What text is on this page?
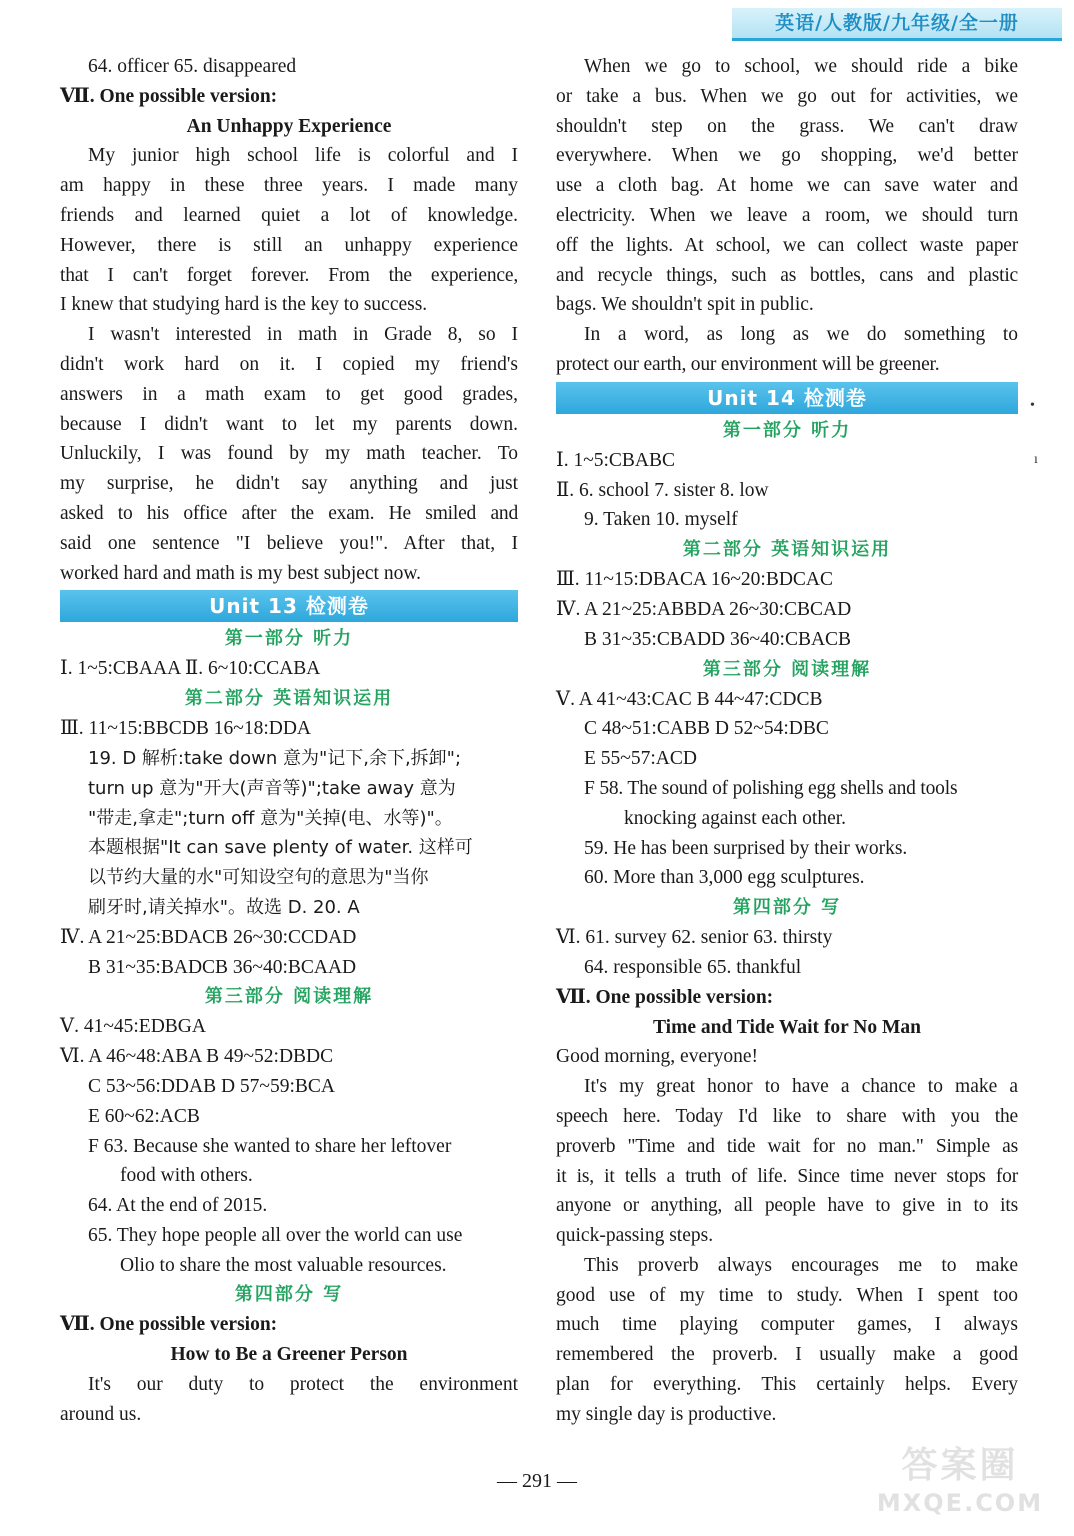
英语/人教版/九年级/全一册
64. officer 65. disappeared
Ⅶ. One possible version:
An Unhappy Experience
My junior high school life is colorful and I
am happy in these three years. I made many
friends and learned quiet a lot of knowledge.
However, there is still an unhappy experience
that I can't forget forever. From the experience,
I knew that studying hard is the key to success.
I wasn't interested in math in Grade 8, so I
didn't work hard on it. I copied my friend's
answers in a math exam to get good grades,
because I didn't want to let my parents down.
Unluckily, I was found by my math teacher. To
my surprise, he didn't say anything and just
asked to his office after the exam. He smiled and
said one sentence "I believe you!". After that, I
worked hard and math is my best subject now.
Unit 13 检测卷
第一部分 听力
Ⅰ. 1~5:CBAAA Ⅱ. 6~10:CCABA
第二部分 英语知识运用
Ⅲ. 11~15:BBCDB 16~18:DDA
19. D 解析:take down 意为"记下,余下,拆卸";
turn up 意为"开大(声音等)";take away 意为
"带走,拿走";turn off 意为"关掉(电、水等)"。
本题根据"It can save plenty of water. 这样可
以节约大量的水"可知设空句的意思为"当你
刷牙时,请关掉水"。故选 D. 20. A
Ⅳ. A 21~25:BDACB 26~30:CCDAD
B 31~35:BADCB 36~40:BCAAD
第三部分 阅读理解
Ⅴ. 41~45:EDBGA
Ⅵ. A 46~48:ABA B 49~52:DBDC
C 53~56:DDAB D 57~59:BCA
E 60~62:ACB
F 63. Because she wanted to share her leftover
food with others.
64. At the end of 2015.
65. They hope people all over the world can use
Olio to share the most valuable resources.
第四部分 写
Ⅶ. One possible version:
How to Be a Greener Person
It's our duty to protect the environment
around us.
When we go to school, we should ride a bike
or take a bus. When we go out for activities, we
shouldn't step on the grass. We can't draw
everywhere. When we go shopping, we'd better
use a cloth bag. At home we can save water and
electricity. When we leave a room, we should turn
off the lights. At school, we can collect waste paper
and recycle things, such as bottles, cans and plastic
bags. We shouldn't spit in public.
In a word, as long as we do something to
protect our earth, our environment will be greener.
Unit 14 检测卷
第一部分 听力
Ⅰ. 1~5:CBABC
Ⅱ. 6. school 7. sister 8. low
9. Taken 10. myself
第二部分 英语知识运用
Ⅲ. 11~15:DBACA 16~20:BDCAC
Ⅳ. A 21~25:ABBDA 26~30:CBCAD
B 31~35:CBADD 36~40:CBACB
第三部分 阅读理解
Ⅴ. A 41~43:CAC B 44~47:CDCB
C 48~51:CABB D 52~54:DBC
E 55~57:ACD
F 58. The sound of polishing egg shells and tools
knocking against each other.
59. He has been surprised by their works.
60. More than 3,000 egg sculptures.
第四部分 写
Ⅵ. 61. survey 62. senior 63. thirsty
64. responsible 65. thankful
Ⅶ. One possible version:
Time and Tide Wait for No Man
Good morning, everyone!
It's my great honor to have a chance to make a
speech here. Today I'd like to share with you the
proverb "Time and tide wait for no man." Simple as
it is, it tells a truth of life. Since time never stops for
anyone or anything, all people have to give in to its
quick-passing steps.
This proverb always encourages me to make
good use of my time to study. When I spent too
much time playing computer games, I always
remembered the proverb. I usually make a good
plan for everything. This certainly helps. Every
my single day is productive.
•
ı
— 291 —	答案圈
MXQE.COM
